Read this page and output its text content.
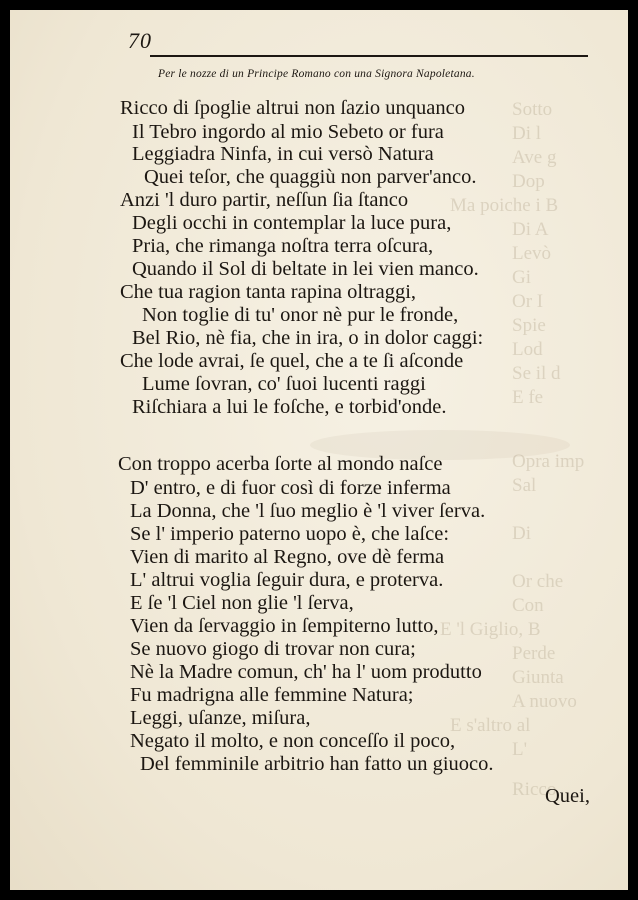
Sotto
Di l
Ave g
Dop
Ma poiche i B
Di A
Levò
Gi
Or I
Spie
Lod
Se il d
E fe
Opra imp
Sal
Di
Or che
Con
E 'l Giglio, B
Perde
Giunta
A nuovo
E s'altro al
L'
Ricco
70
Per le nozze di un Principe Romano con una Signora Napoletana.
Ricco di ſpoglie altrui non ſazio unquanco
Il Tebro ingordo al mio Sebeto or fura
Leggiadra Ninfa, in cui versò Natura
Quei teſor, che quaggiù non parver'anco.
Anzi 'l duro partir, neſſun ſia ſtanco
Degli occhi in contemplar la luce pura,
Pria, che rimanga noſtra terra oſcura,
Quando il Sol di beltate in lei vien manco.
Che tua ragion tanta rapina oltraggi,
Non toglie di tu' onor nè pur le fronde,
Bel Rio, nè fia, che in ira, o in dolor caggi:
Che lode avrai, ſe quel, che a te ſi aſconde
Lume ſovran, co' ſuoi lucenti raggi
Riſchiara a lui le foſche, e torbid'onde.
Con troppo acerba ſorte al mondo naſce
D' entro, e di fuor così di forze inferma
La Donna, che 'l ſuo meglio è 'l viver ſerva.
Se l' imperio paterno uopo è, che laſce:
Vien di marito al Regno, ove dè ferma
L' altrui voglia ſeguir dura, e proterva.
E ſe 'l Ciel non glie 'l ſerva,
Vien da ſervaggio in ſempiterno lutto,
Se nuovo giogo di trovar non cura;
Nè la Madre comun, ch' ha l' uom produtto
Fu madrigna alle femmine Natura;
Leggi, uſanze, miſura,
Negato il molto, e non conceſſo il poco,
Del femminile arbitrio han fatto un giuoco.
Quei,
